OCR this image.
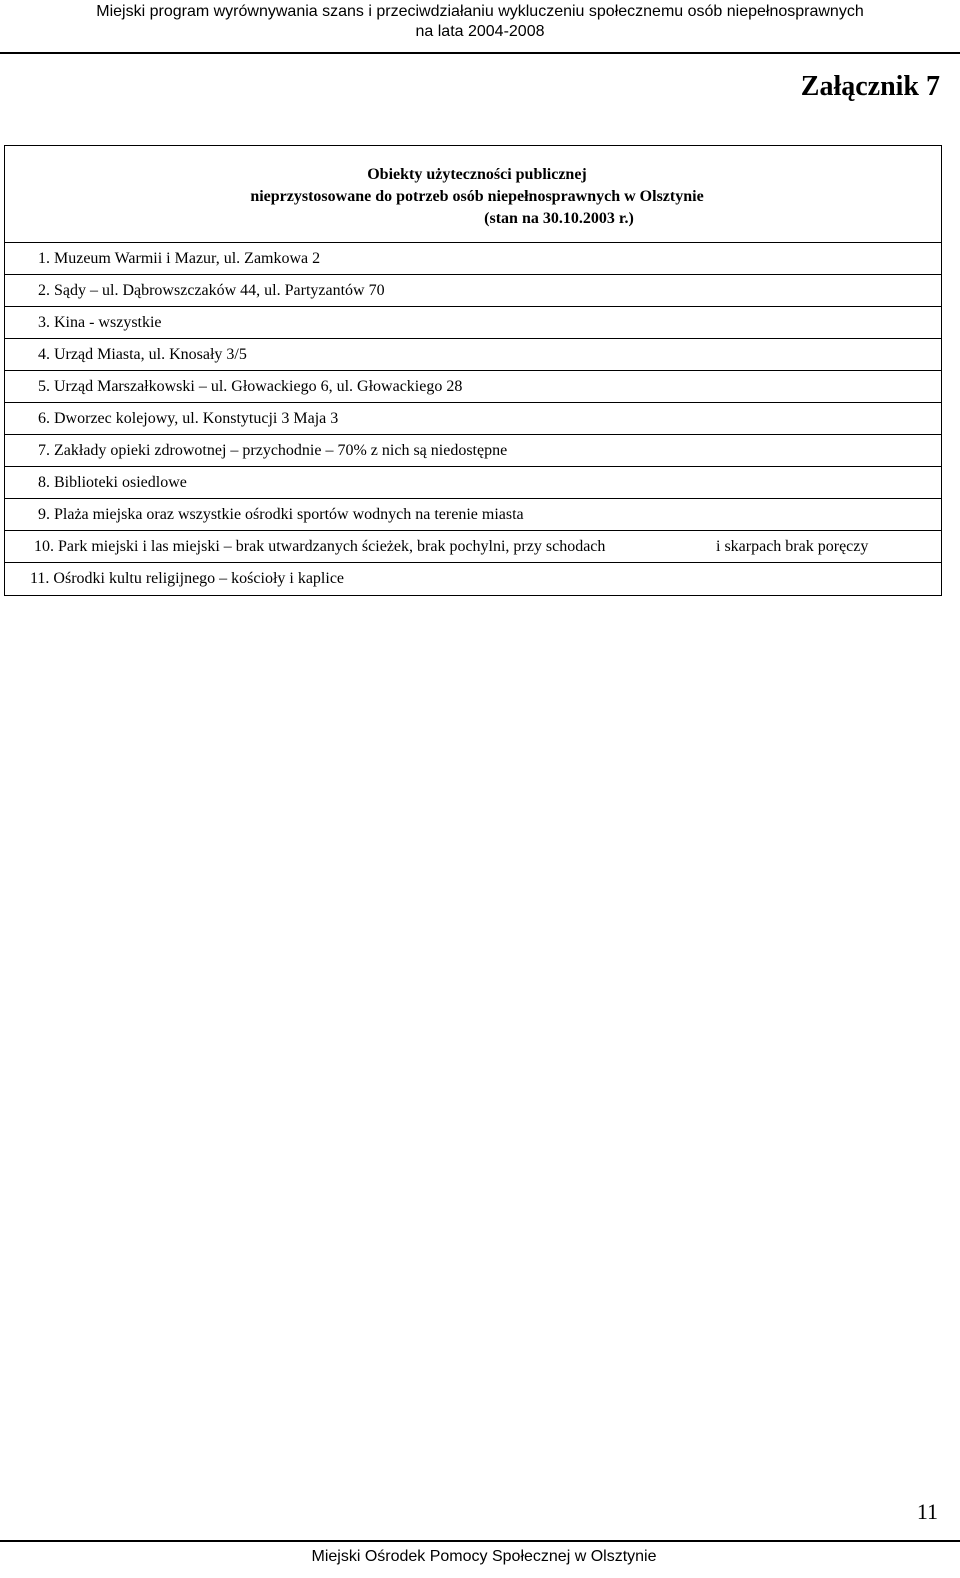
Miejski program wyrównywania szans i przeciwdziałaniu wykluczeniu społecznemu osób niepełnosprawnych
na lata 2004-2008
Załącznik 7
Obiekty użyteczności publicznej
nieprzystosowane do potrzeb osób niepełnosprawnych w Olsztynie
(stan na 30.10.2003 r.)
1. Muzeum Warmii i Mazur, ul. Zamkowa 2
2. Sądy – ul. Dąbrowszczaków 44, ul. Partyzantów 70
3. Kina - wszystkie
4. Urząd Miasta, ul. Knosały 3/5
5. Urząd Marszałkowski – ul. Głowackiego 6, ul. Głowackiego 28
6. Dworzec kolejowy, ul. Konstytucji 3 Maja 3
7. Zakłady opieki zdrowotnej – przychodnie – 70% z nich są niedostępne
8. Biblioteki osiedlowe
9. Plaża miejska oraz wszystkie ośrodki sportów wodnych na terenie miasta
10. Park miejski i las miejski – brak utwardzanych ścieżek, brak pochylni, przy schodach	i skarpach brak poręczy
11. Ośrodki kultu religijnego – kościoły i kaplice
11
Miejski Ośrodek Pomocy Społecznej w Olsztynie
